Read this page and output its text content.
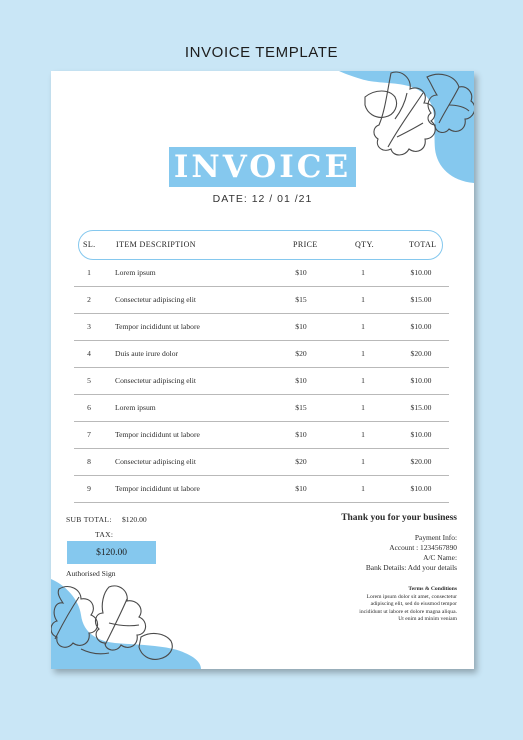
INVOICE TEMPLATE
INVOICE
DATE: 12 / 01 /21
SL.	ITEM DESCRIPTION	PRICE	QTY.	TOTAL
1	Lorem ipsum	$10	1	$10.00
2	Consectetur adipiscing elit	$15	1	$15.00
3	Tempor incididunt ut labore	$10	1	$10.00
4	Duis aute irure dolor	$20	1	$20.00
5	Consectetur adipiscing elit	$10	1	$10.00
6	Lorem ipsum	$15	1	$15.00
7	Tempor incididunt ut labore	$10	1	$10.00
8	Consectetur adipiscing elit	$20	1	$20.00
9	Tempor incididunt ut labore	$10	1	$10.00
SUB TOTAL: $120.00
TAX:
$120.00
Authorised Sign
Thank you for your business
Payment Info:
Account : 1234567890
A/C Name:
Bank Details: Add your details
Terms & Conditions
Lorem ipsum dolor sit amet, consectetur
adipiscing elit, sed do eiusmod tempor
incididunt ut labore et dolore magna aliqua.
Ut enim ad minim veniam
